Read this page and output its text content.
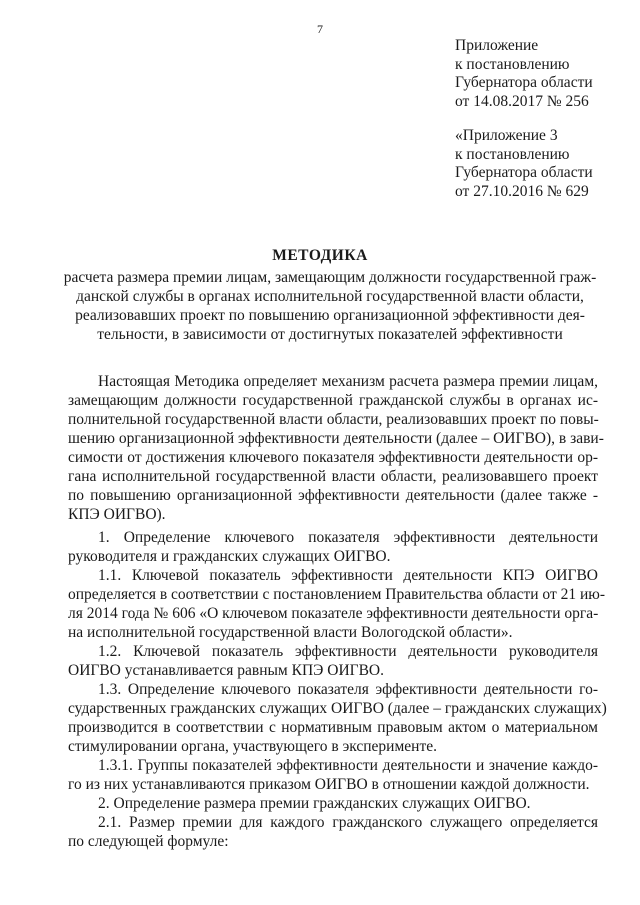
7
Приложение
к постановлению
Губернатора области
от 14.08.2017 № 256
«Приложение 3
к постановлению
Губернатора области
от 27.10.2016 № 629
МЕТОДИКА
расчета размера премии лицам, замещающим должности государственной граж-
данской службы в органах исполнительной государственной власти области,
реализовавших проект по повышению организационной эффективности дея-
тельности, в зависимости от достигнутых показателей эффективности
Настоящая Методика определяет механизм расчета размера премии лицам,
замещающим должности государственной гражданской службы в органах ис-
полнительной государственной власти области, реализовавших проект по повы-
шению организационной эффективности деятельности (далее – ОИГВО), в зави-
симости от достижения ключевого показателя эффективности деятельности ор-
гана исполнительной государственной власти области, реализовавшего проект
по повышению организационной эффективности деятельности (далее также -
КПЭ ОИГВО).
1. Определение ключевого показателя эффективности деятельности
руководителя и гражданских служащих ОИГВО.
1.1. Ключевой показатель эффективности деятельности КПЭ ОИГВО
определяется в соответствии с постановлением Правительства области от 21 ию-
ля 2014 года № 606 «О ключевом показателе эффективности деятельности орга-
на исполнительной государственной власти Вологодской области».
1.2. Ключевой показатель эффективности деятельности руководителя
ОИГВО устанавливается равным КПЭ ОИГВО.
1.3. Определение ключевого показателя эффективности деятельности го-
сударственных гражданских служащих ОИГВО (далее – гражданских служащих)
производится в соответствии с нормативным правовым актом о материальном
стимулировании органа, участвующего в эксперименте.
1.3.1. Группы показателей эффективности деятельности и значение каждо-
го из них устанавливаются приказом ОИГВО в отношении каждой должности.
2. Определение размера премии гражданских служащих ОИГВО.
2.1. Размер премии для каждого гражданского служащего определяется
по следующей формуле:
